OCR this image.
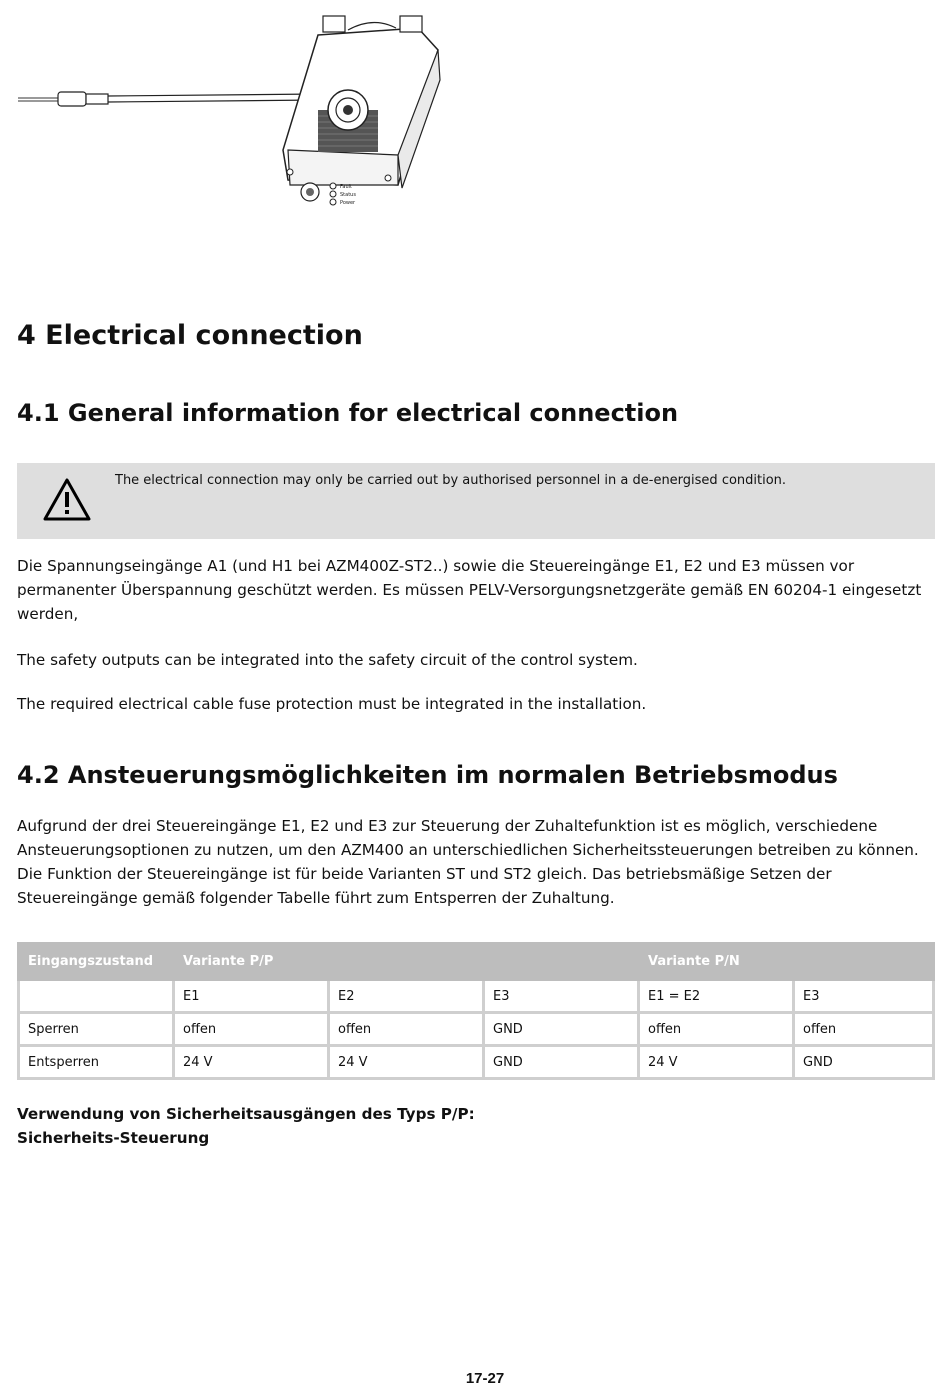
Fault
Status
Power
4 Electrical connection
4.1 General information for electrical connection
The electrical connection may only be carried out by authorised personnel in a de-energised condition.

Die Spannungseingänge A1 (und H1 bei AZM400Z-ST2..) sowie die Steuereingänge E1, E2 und E3 müssen vor permanenter Überspannung geschützt werden. Es müssen PELV-Versorgungsnetzgeräte gemäß EN 60204-1 eingesetzt werden,

The safety outputs can be integrated into the safety circuit of the control system.

The required electrical cable fuse protection must be integrated in the installation.

4.2 Ansteuerungsmöglichkeiten im normalen Betriebsmodus

Aufgrund der drei Steuereingänge E1, E2 und E3 zur Steuerung der Zuhaltefunktion ist es möglich, verschiedene Ansteuerungsoptionen zu nutzen, um den AZM400 an unterschiedlichen Sicherheitssteuerungen betreiben zu können. Die Funktion der Steuereingänge ist für beide Varianten ST und ST2 gleich. Das betriebsmäßige Setzen der Steuereingänge gemäß folgender Tabelle führt zum Entsperren der Zuhaltung.

Eingangszustand	Variante P/P			Variante P/N	
	E1	E2	E3	E1 = E2	E3
Sperren	offen	offen	GND	offen	offen
Entsperren	24 V	24 V	GND	24 V	GND

Verwendung von Sicherheitsausgängen des Typs P/P:
Sicherheits-Steuerung

17-27
